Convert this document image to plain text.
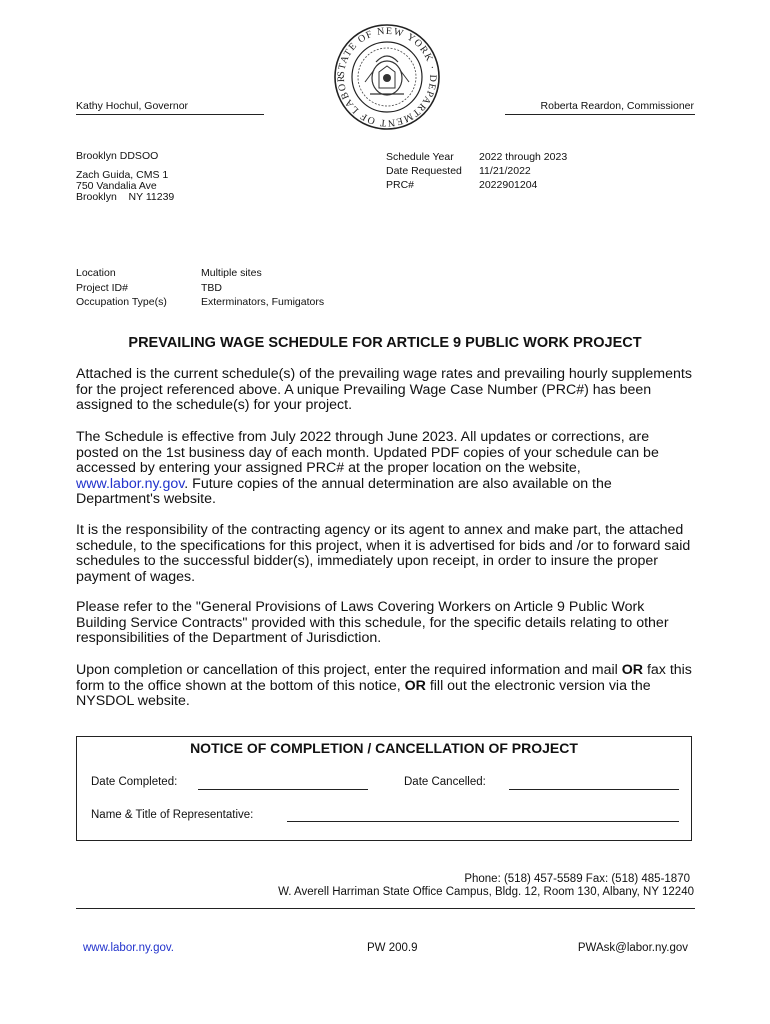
STATE OF NEW YORK · DEPARTMENT OF LABOR
Kathy Hochul, Governor	Roberta Reardon, Commissioner
Brooklyn DDSOO
Zach Guida, CMS 1
750 Vandalia Ave
Brooklyn NY 11239
Schedule Year 2022 through 2023
Date Requested 11/21/2022
PRC#	2022901204
Location	Multiple sites
Project ID#	TBD
Occupation Type(s)	Exterminators, Fumigators
PREVAILING WAGE SCHEDULE FOR ARTICLE 9 PUBLIC WORK PROJECT

Attached is the current schedule(s) of the prevailing wage rates and prevailing hourly supplements for the project referenced above. A unique Prevailing Wage Case Number (PRC#) has been assigned to the schedule(s) for your project.

The Schedule is effective from July 2022 through June 2023. All updates or corrections, are posted on the 1st business day of each month. Updated PDF copies of your schedule can be accessed by entering your assigned PRC# at the proper location on the website, www.labor.ny.gov. Future copies of the annual determination are also available on the Department's website.

It is the responsibility of the contracting agency or its agent to annex and make part, the attached schedule, to the specifications for this project, when it is advertised for bids and /or to forward said schedules to the successful bidder(s), immediately upon receipt, in order to insure the proper payment of wages.

Please refer to the "General Provisions of Laws Covering Workers on Article 9 Public Work Building Service Contracts" provided with this schedule, for the specific details relating to other responsibilities of the Department of Jurisdiction.

Upon completion or cancellation of this project, enter the required information and mail OR fax this form to the office shown at the bottom of this notice, OR fill out the electronic version via the NYSDOL website.

NOTICE OF COMPLETION / CANCELLATION OF PROJECT
Date Completed:	Date Cancelled:
Name & Title of Representative:
Phone: (518) 457-5589 Fax: (518) 485-1870
W. Averell Harriman State Office Campus, Bldg. 12, Room 130, Albany, NY 12240
www.labor.ny.gov.	PW 200.9	PWAsk@labor.ny.gov
